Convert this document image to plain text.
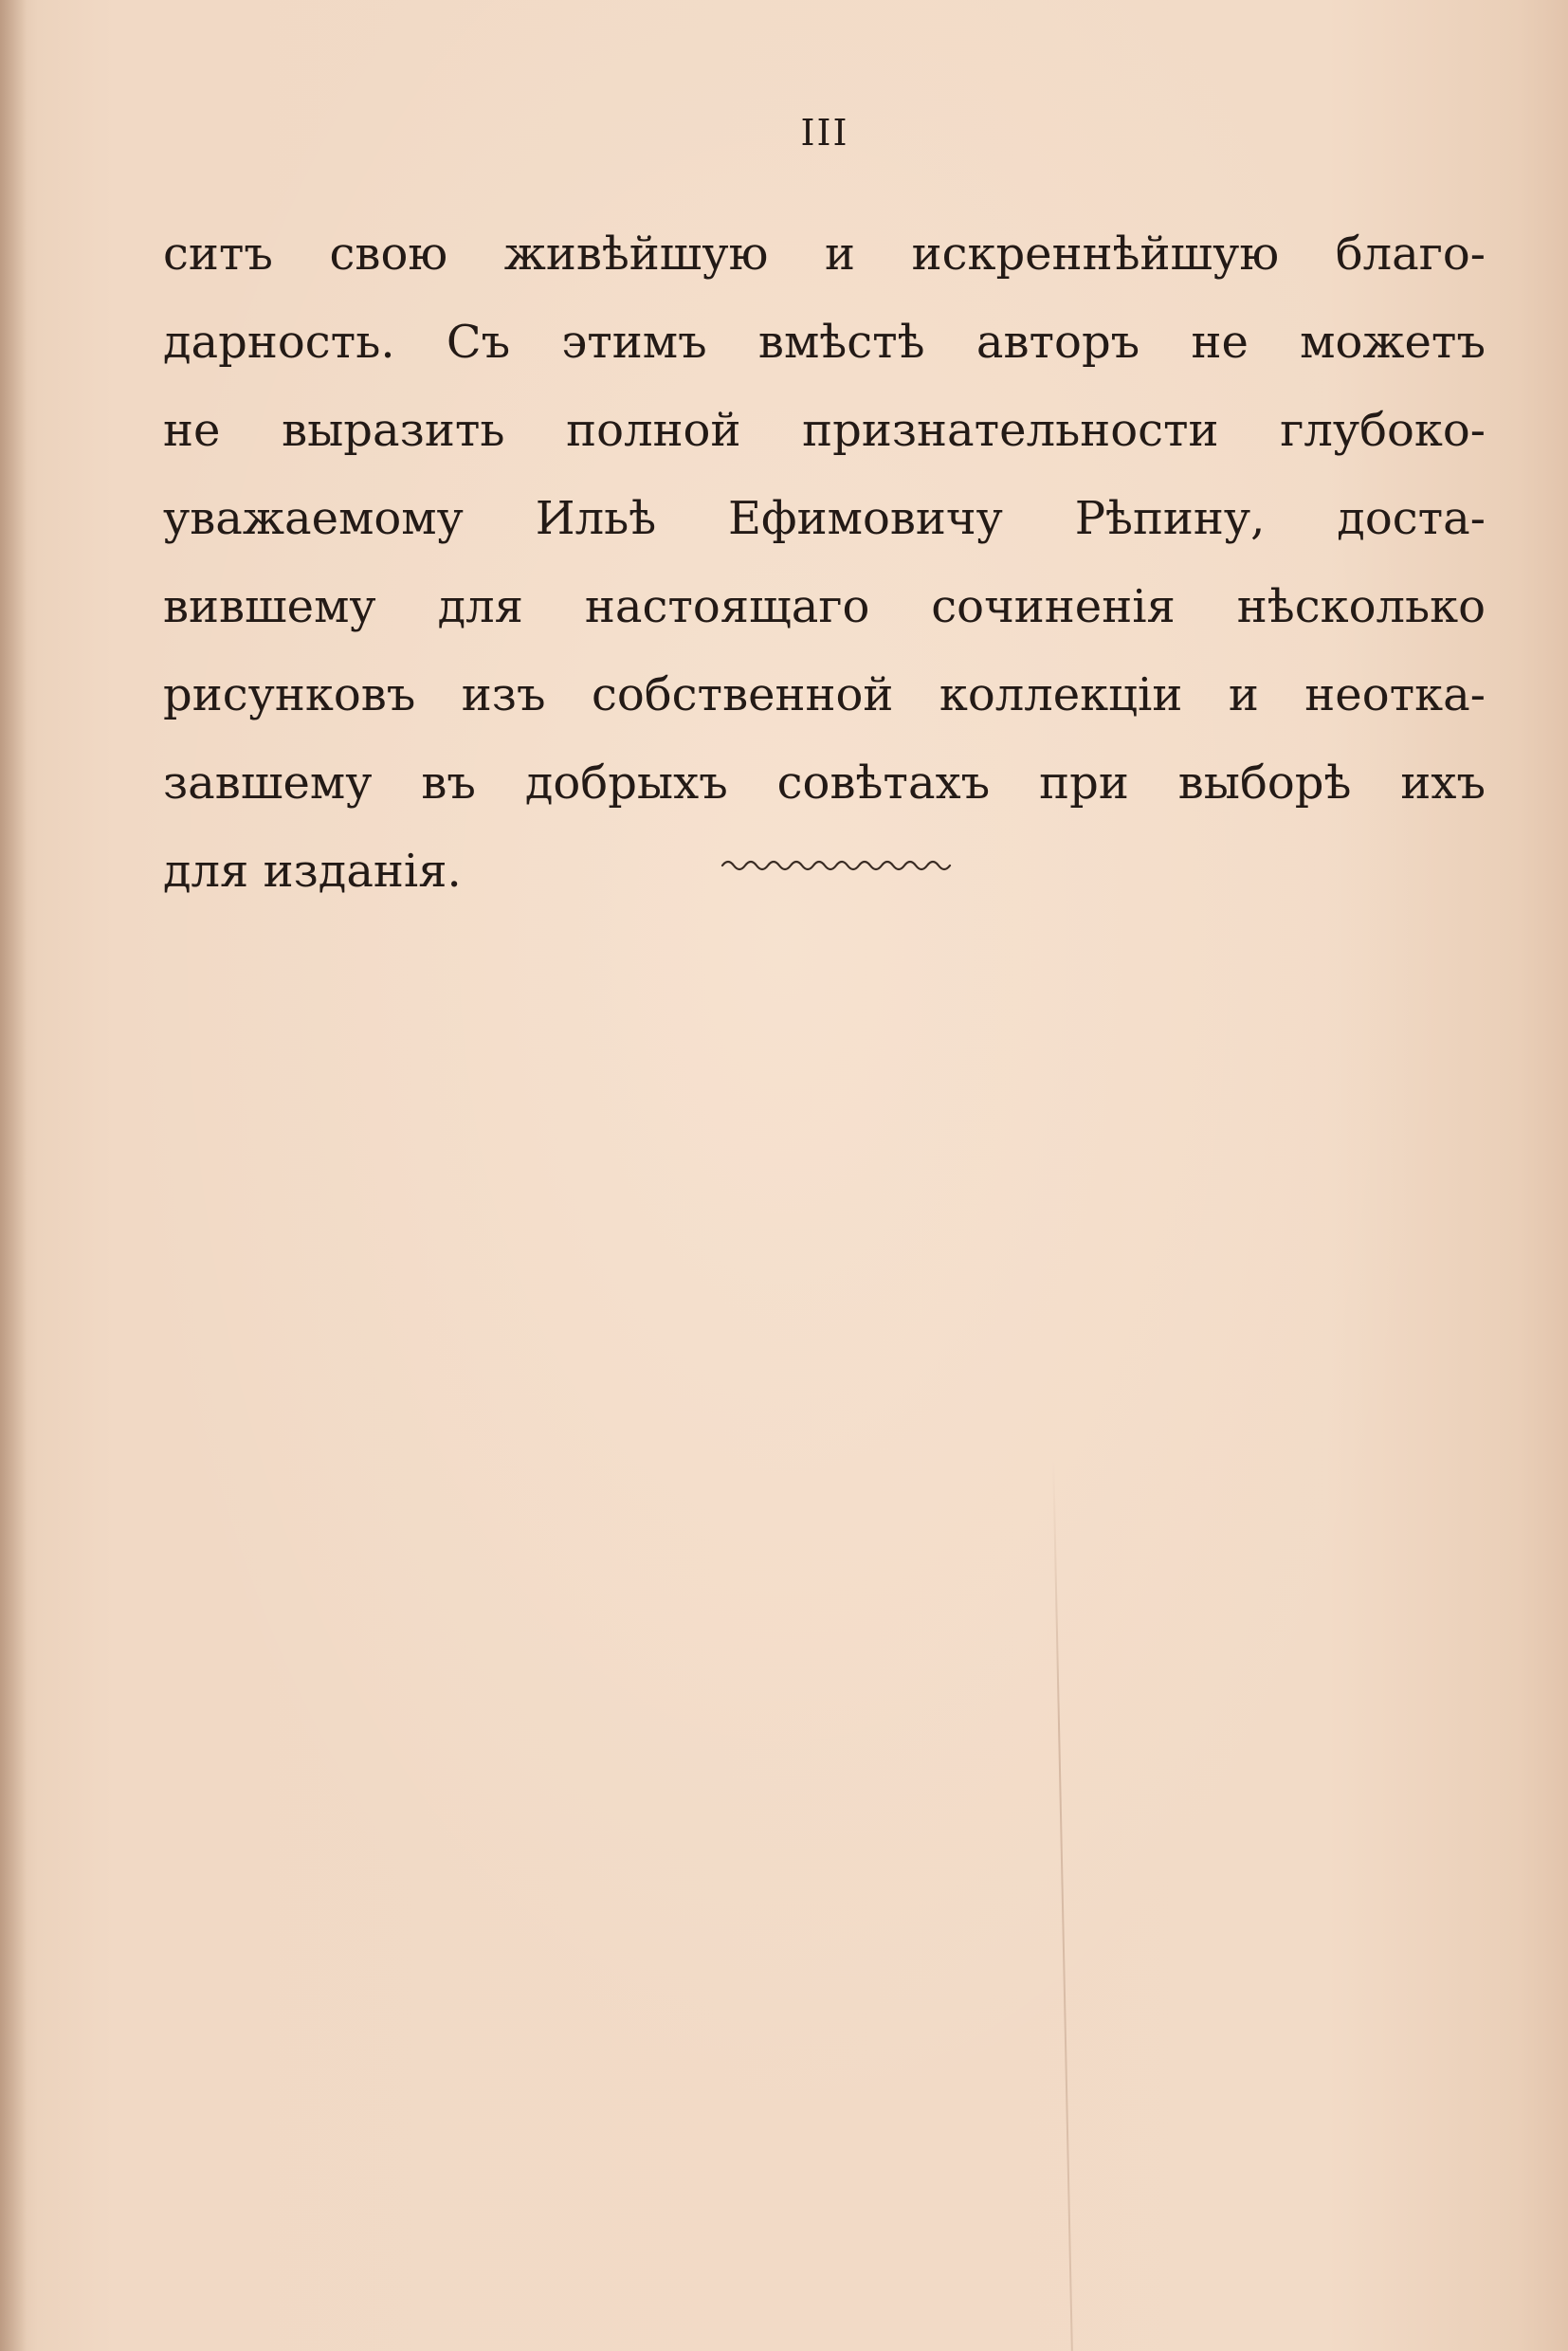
III
ситъ свою живѣйшую и искреннѣйшую благо-
дарность. Съ этимъ вмѣстѣ авторъ не можетъ
не выразить полной признательности глубоко-
уважаемому Ильѣ Ефимовичу Рѣпину, доста-
вившему для настоящаго сочиненія нѣсколько
рисунковъ изъ собственной коллекціи и неотка-
завшему въ добрыхъ совѣтахъ при выборѣ ихъ
для изданія.
